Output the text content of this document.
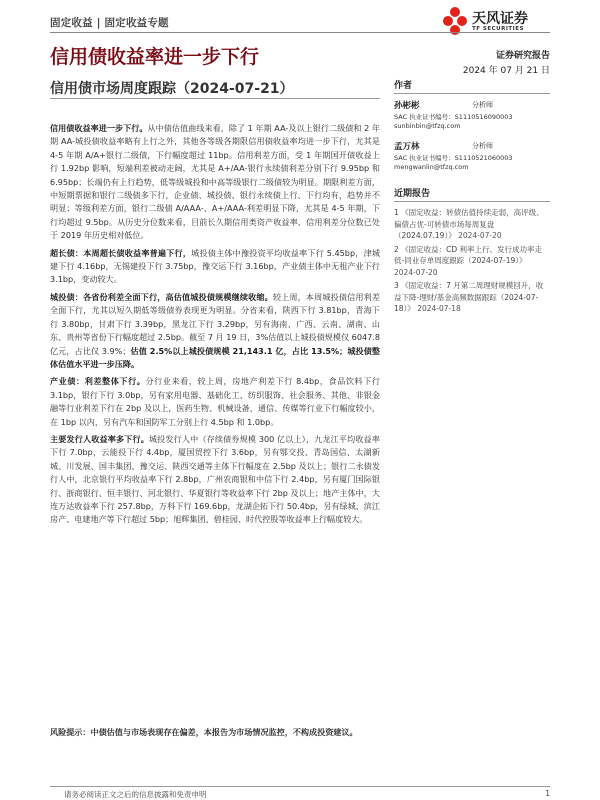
固定收益 | 固定收益专题	天风证券
TF SECURITIES
信用债收益率进一步下行
信用债市场周度跟踪（2024-07-21）
证券研究报告
2024 年 07 月 21 日
作者
孙彬彬	分析师
SAC 执业证书编号：S1110516090003
sunbinbin@tfzq.com
孟万林	分析师
SAC 执业证书编号：S1110521060003
mengwanlin@tfzq.com
近期报告
1 《固定收益：转债估值持续走弱，高评级、偏债占优-可转债市场每周复盘（2024.07.19）》 2024-07-20
2 《固定收益：CD 利率上行、发行成功率走低-同业存单周度跟踪（2024-07-19）》 2024-07-20
3 《固定收益：7 月第二周理财规模回升，收益下降-理财/基金高频数据跟踪（2024-07-18）》 2024-07-18

信用债收益率进一步下行。从中债估值曲线来看，除了 1 年期 AA-及以上银行二级债和 2 年期 AA-城投债收益率略有上行之外，其他各等级各期限信用债收益率均进一步下行，尤其是 4-5 年期 A/A+银行二级债，下行幅度超过 11bp。信用利差方面，受 1 年期国开债收益上行 1.92bp 影响，短端利差被动走阔，尤其是 A+/AA-银行永续债利差分别下行 9.95bp 和 6.95bp；长端仍有上行趋势，低等级城投和中高等级银行二级债较为明显。期限利差方面，中短期票据和银行二级债多下行，企业债、城投债、银行永续债上行、下行均有，趋势并不明显；等级利差方面，银行二级债 A/AAA-、A+/AAA-利差明显下降，尤其是 4-5 年期，下行均超过 9.5bp。从历史分位数来看，目前长久期信用类资产收益率、信用利差分位数已处于 2019 年历史相对低位。

超长债：本周超长债收益率普遍下行，城投债主体中豫投资平均收益率下行 5.45bp，津城建下行 4.16bp，无锡建投下行 3.75bp，豫交运下行 3.16bp，产业债主体中无租产业下行 3.1bp，变动较大。

城投债：各省份利差全面下行，高估值城投债规模继续收缩。较上周，本周城投债信用利差全面下行，尤其以短久期低等级债券表现更为明显。分省来看，陕西下行 3.81bp，青海下行 3.80bp，甘肃下行 3.39bp，黑龙江下行 3.29bp，另有海南、广西、云南、湖南、山东、贵州等省份下行幅度超过 2.5bp。截至 7 月 19 日，3%估值以上城投债规模仅 6047.8 亿元，占比仅 3.9%；估值 2.5%以上城投债规模 21,143.1 亿，占比 13.5%；城投债整体估值水平进一步压降。

产业债：利差整体下行。分行业来看，较上周，房地产利差下行 8.4bp，食品饮料下行 3.1bp，银行下行 3.0bp，另有家用电器、基础化工、纺织服饰、社会服务、其他、非银金融等行业利差下行在 2bp 及以上，医药生物、机械设备、通信、传媒等行业下行幅度较小，在 1bp 以内，另有汽车和国防军工分别上行 4.5bp 和 1.0bp。

主要发行人收益率多下行。城投发行人中（存续债券规模 300 亿以上），九龙江平均收益率下行 7.0bp，云能投下行 4.4bp，厦国贸控下行 3.6bp，另有鄂交投、青岛国信、太湖新城、川发展、国丰集团、豫交运、陕西交通等主体下行幅度在 2.5bp 及以上；银行二永债发行人中，北京银行平均收益率下行 2.8bp，广州农商银和中信下行 2.4bp，另有厦门国际银行、浙商银行、恒丰银行、河北银行、华夏银行等收益率下行 2bp 及以上；地产主体中，大连万达收益率下行 257.8bp，万科下行 169.6bp，龙湖企拓下行 50.4bp，另有绿城、滨江房产、电建地产等下行超过 5bp；旭辉集团、碧桂园、时代控股等收益率上行幅度较大。

风险提示：中债估值与市场表现存在偏差，本报告为市场情况监控，不构成投资建议。
请务必阅读正文之后的信息披露和免责申明	1
